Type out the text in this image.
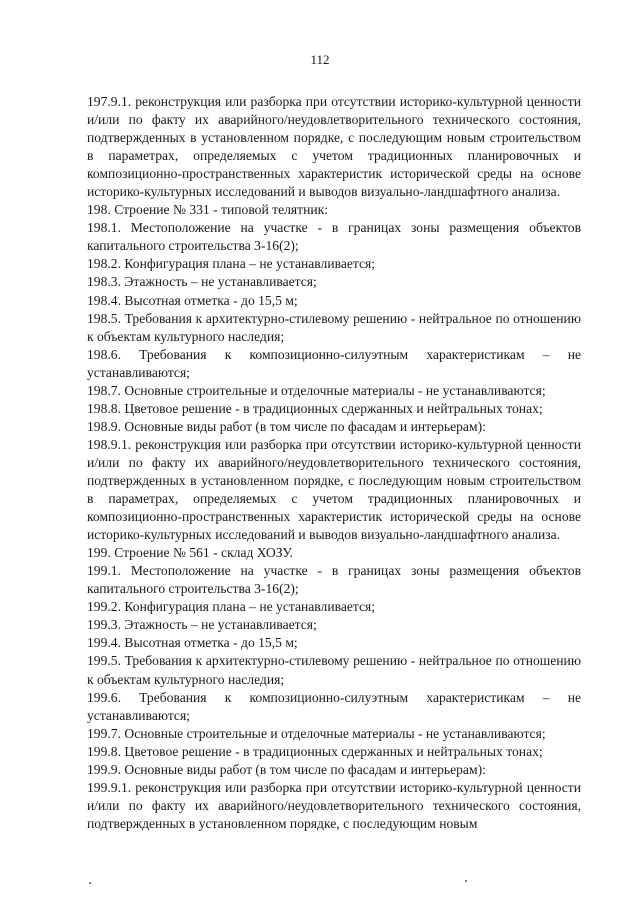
112

197.9.1. реконструкция или разборка при отсутствии историко-культурной ценности и/или по факту их аварийного/неудовлетворительного технического состояния, подтвержденных в установленном порядке, с последующим новым строительством в параметрах, определяемых с учетом традиционных планировочных и композиционно-пространственных характеристик исторической среды на основе историко-культурных исследований и выводов визуально-ландшафтного анализа.

198. Строение № 331 - типовой телятник:

198.1. Местоположение на участке - в границах зоны размещения объектов капитального строительства 3-16(2);

198.2. Конфигурация плана – не устанавливается;

198.3. Этажность – не устанавливается;

198.4. Высотная отметка - до 15,5 м;

198.5. Требования к архитектурно-стилевому решению - нейтральное по отношению к объектам культурного наследия;

198.6. Требования к композиционно-силуэтным характеристикам – не устанавливаются;

198.7. Основные строительные и отделочные материалы - не устанавливаются;

198.8. Цветовое решение - в традиционных сдержанных и нейтральных тонах;

198.9. Основные виды работ (в том числе по фасадам и интерьерам):

198.9.1. реконструкция или разборка при отсутствии историко-культурной ценности и/или по факту их аварийного/неудовлетворительного технического состояния, подтвержденных в установленном порядке, с последующим новым строительством в параметрах, определяемых с учетом традиционных планировочных и композиционно-пространственных характеристик исторической среды на основе историко-культурных исследований и выводов визуально-ландшафтного анализа.

199. Строение № 561 - склад ХОЗУ.

199.1. Местоположение на участке - в границах зоны размещения объектов капитального строительства 3-16(2);

199.2. Конфигурация плана – не устанавливается;

199.3. Этажность – не устанавливается;

199.4. Высотная отметка - до 15,5 м;

199.5. Требования к архитектурно-стилевому решению - нейтральное по отношению к объектам культурного наследия;

199.6. Требования к композиционно-силуэтным характеристикам – не устанавливаются;

199.7. Основные строительные и отделочные материалы - не устанавливаются;

199.8. Цветовое решение - в традиционных сдержанных и нейтральных тонах;

199.9. Основные виды работ (в том числе по фасадам и интерьерам):

199.9.1. реконструкция или разборка при отсутствии историко-культурной ценности и/или по факту их аварийного/неудовлетворительного технического состояния, подтвержденных в установленном порядке, с последующим новым
